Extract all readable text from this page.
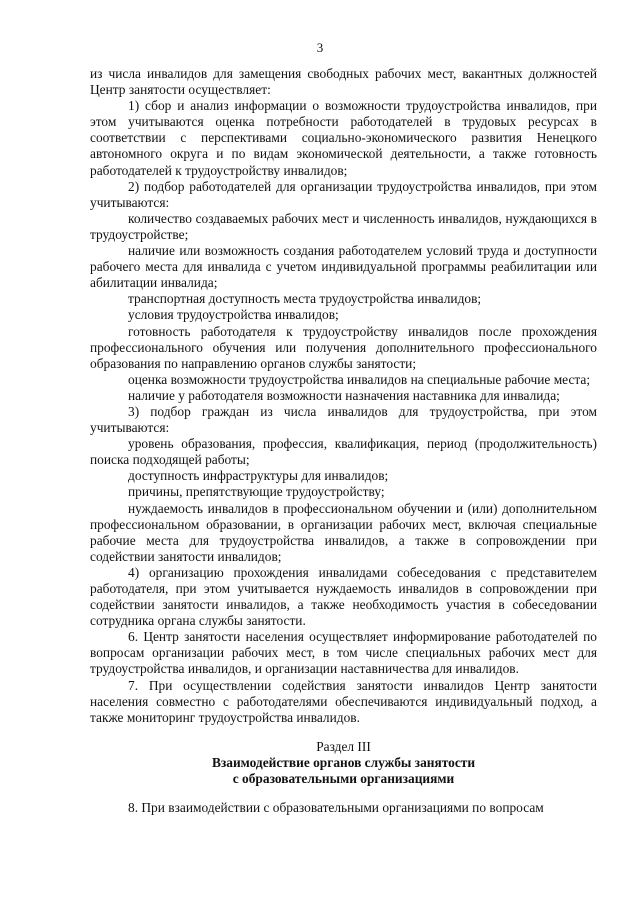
3

из числа инвалидов для замещения свободных рабочих мест, вакантных должностей Центр занятости осуществляет:

1) сбор и анализ информации о возможности трудоустройства инвалидов, при этом учитываются оценка потребности работодателей в трудовых ресурсах в соответствии с перспективами социально-экономического развития Ненецкого автономного округа и по видам экономической деятельности, а также готовность работодателей к трудоустройству инвалидов;

2) подбор работодателей для организации трудоустройства инвалидов, при этом учитываются:

количество создаваемых рабочих мест и численность инвалидов, нуждающихся в трудоустройстве;

наличие или возможность создания работодателем условий труда и доступности рабочего места для инвалида с учетом индивидуальной программы реабилитации или абилитации инвалида;

транспортная доступность места трудоустройства инвалидов;

условия трудоустройства инвалидов;

готовность работодателя к трудоустройству инвалидов после прохождения профессионального обучения или получения дополнительного профессионального образования по направлению органов службы занятости;

оценка возможности трудоустройства инвалидов на специальные рабочие места;

наличие у работодателя возможности назначения наставника для инвалида;

3) подбор граждан из числа инвалидов для трудоустройства, при этом учитываются:

уровень образования, профессия, квалификация, период (продолжительность) поиска подходящей работы;

доступность инфраструктуры для инвалидов;

причины, препятствующие трудоустройству;

нуждаемость инвалидов в профессиональном обучении и (или) дополнительном профессиональном образовании, в организации рабочих мест, включая специальные рабочие места для трудоустройства инвалидов, а также в сопровождении при содействии занятости инвалидов;

4) организацию прохождения инвалидами собеседования с представителем работодателя, при этом учитывается нуждаемость инвалидов в сопровождении при содействии занятости инвалидов, а также необходимость участия в собеседовании сотрудника органа службы занятости.

6. Центр занятости населения осуществляет информирование работодателей по вопросам организации рабочих мест, в том числе специальных рабочих мест для трудоустройства инвалидов, и организации наставничества для инвалидов.

7. При осуществлении содействия занятости инвалидов Центр занятости населения совместно с работодателями обеспечиваются индивидуальный подход, а также мониторинг трудоустройства инвалидов.

Раздел III
Взаимодействие органов службы занятости
с образовательными организациями

8. При взаимодействии с образовательными организациями по вопросам
